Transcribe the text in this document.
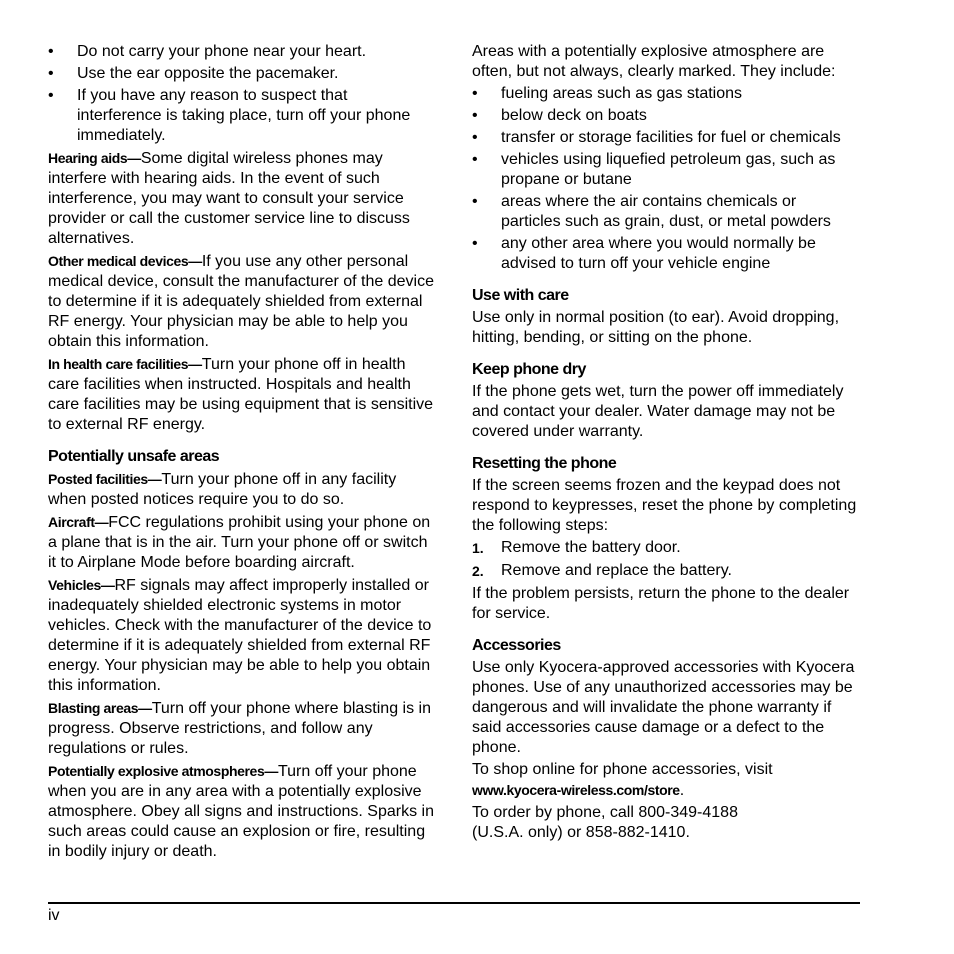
• Do not carry your phone near your heart.
• Use the ear opposite the pacemaker.
• If you have any reason to suspect that interference is taking place, turn off your phone immediately.

Hearing aids—Some digital wireless phones may interfere with hearing aids. In the event of such interference, you may want to consult your service provider or call the customer service line to discuss alternatives.

Other medical devices—If you use any other personal medical device, consult the manufacturer of the device to determine if it is adequately shielded from external RF energy. Your physician may be able to help you obtain this information.

In health care facilities—Turn your phone off in health care facilities when instructed. Hospitals and health care facilities may be using equipment that is sensitive to external RF energy.

Potentially unsafe areas

Posted facilities—Turn your phone off in any facility when posted notices require you to do so.

Aircraft—FCC regulations prohibit using your phone on a plane that is in the air. Turn your phone off or switch it to Airplane Mode before boarding aircraft.

Vehicles—RF signals may affect improperly installed or inadequately shielded electronic systems in motor vehicles. Check with the manufacturer of the device to determine if it is adequately shielded from external RF energy. Your physician may be able to help you obtain this information.

Blasting areas—Turn off your phone where blasting is in progress. Observe restrictions, and follow any regulations or rules.

Potentially explosive atmospheres—Turn off your phone when you are in any area with a potentially explosive atmosphere. Obey all signs and instructions. Sparks in such areas could cause an explosion or fire, resulting in bodily injury or death.

Areas with a potentially explosive atmosphere are often, but not always, clearly marked. They include:

• fueling areas such as gas stations
• below deck on boats
• transfer or storage facilities for fuel or chemicals
• vehicles using liquefied petroleum gas, such as propane or butane
• areas where the air contains chemicals or particles such as grain, dust, or metal powders
• any other area where you would normally be advised to turn off your vehicle engine
Use with care

Use only in normal position (to ear). Avoid dropping, hitting, bending, or sitting on the phone.

Keep phone dry

If the phone gets wet, turn the power off immediately and contact your dealer. Water damage may not be covered under warranty.

Resetting the phone

If the screen seems frozen and the keypad does not respond to keypresses, reset the phone by completing the following steps:

1. Remove the battery door.
2. Remove and replace the battery.

If the problem persists, return the phone to the dealer for service.

Accessories

Use only Kyocera-approved accessories with Kyocera phones. Use of any unauthorized accessories may be dangerous and will invalidate the phone warranty if said accessories cause damage or a defect to the phone.

To shop online for phone accessories, visit
www.kyocera-wireless.com/store.

To order by phone, call 800-349-4188
(U.S.A. only) or 858-882-1410.

iv
